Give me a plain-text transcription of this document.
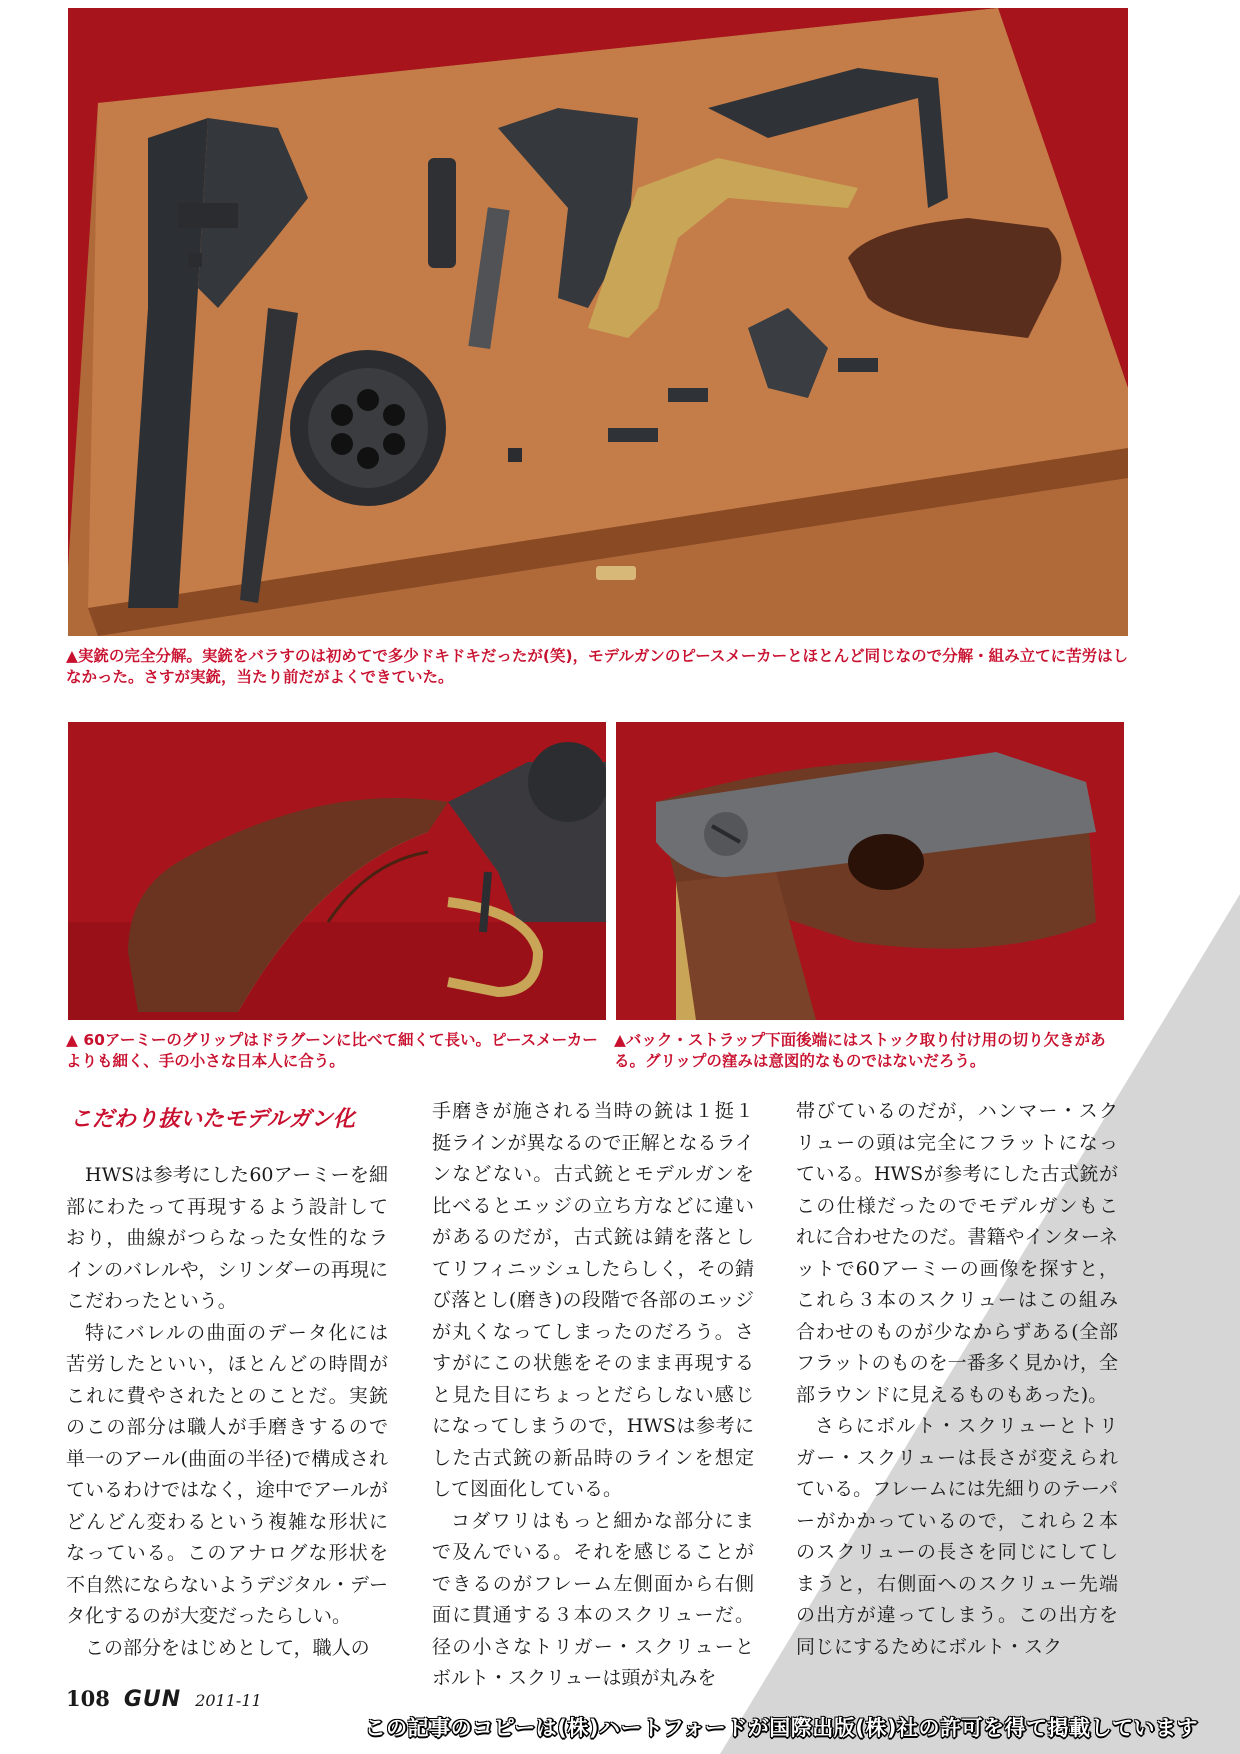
▲実銃の完全分解。実銃をバラすのは初めてで多少ドキドキだったが(笑)，モデルガンのピースメーカーとほとんど同じなので分解・組み立てに苦労はしなかった。さすが実銃，当たり前だがよくできていた。
▲ 60アーミーのグリップはドラグーンに比べて細くて長い。ピースメーカーよりも細く、手の小さな日本人に合う。
▲バック・ストラップ下面後端にはストック取り付け用の切り欠きがある。グリップの窪みは意図的なものではないだろう。
こだわり抜いたモデルガン化

HWSは参考にした60アーミーを細部にわたって再現するよう設計しており，曲線がつらなった女性的なラインのバレルや，シリンダーの再現にこだわったという。

特にバレルの曲面のデータ化には苦労したといい，ほとんどの時間がこれに費やされたとのことだ。実銃のこの部分は職人が手磨きするので単一のアール(曲面の半径)で構成されているわけではなく，途中でアールがどんどん変わるという複雑な形状になっている。このアナログな形状を不自然にならないようデジタル・データ化するのが大変だったらしい。

この部分をはじめとして，職人の

手磨きが施される当時の銃は１挺１挺ラインが異なるので正解となるラインなどない。古式銃とモデルガンを比べるとエッジの立ち方などに違いがあるのだが，古式銃は錆を落としてリフィニッシュしたらしく，その錆び落とし(磨き)の段階で各部のエッジが丸くなってしまったのだろう。さすがにこの状態をそのまま再現すると見た目にちょっとだらしない感じになってしまうので，HWSは参考にした古式銃の新品時のラインを想定して図面化している。

コダワリはもっと細かな部分にまで及んでいる。それを感じることができるのがフレーム左側面から右側面に貫通する３本のスクリューだ。径の小さなトリガー・スクリューとボルト・スクリューは頭が丸みを

帯びているのだが，ハンマー・スクリューの頭は完全にフラットになっている。HWSが参考にした古式銃がこの仕様だったのでモデルガンもこれに合わせたのだ。書籍やインターネットで60アーミーの画像を探すと，これら３本のスクリューはこの組み合わせのものが少なからずある(全部フラットのものを一番多く見かけ，全部ラウンドに見えるものもあった)。

さらにボルト・スクリューとトリガー・スクリューは長さが変えられている。フレームには先細りのテーパーがかかっているので，これら２本のスクリューの長さを同じにしてしまうと，右側面へのスクリュー先端の出方が違ってしまう。この出方を同じにするためにボルト・スク

108 GUN 2011-11
この記事のコピーは(株)ハートフォードが国際出版(株)社の許可を得て掲載しています
